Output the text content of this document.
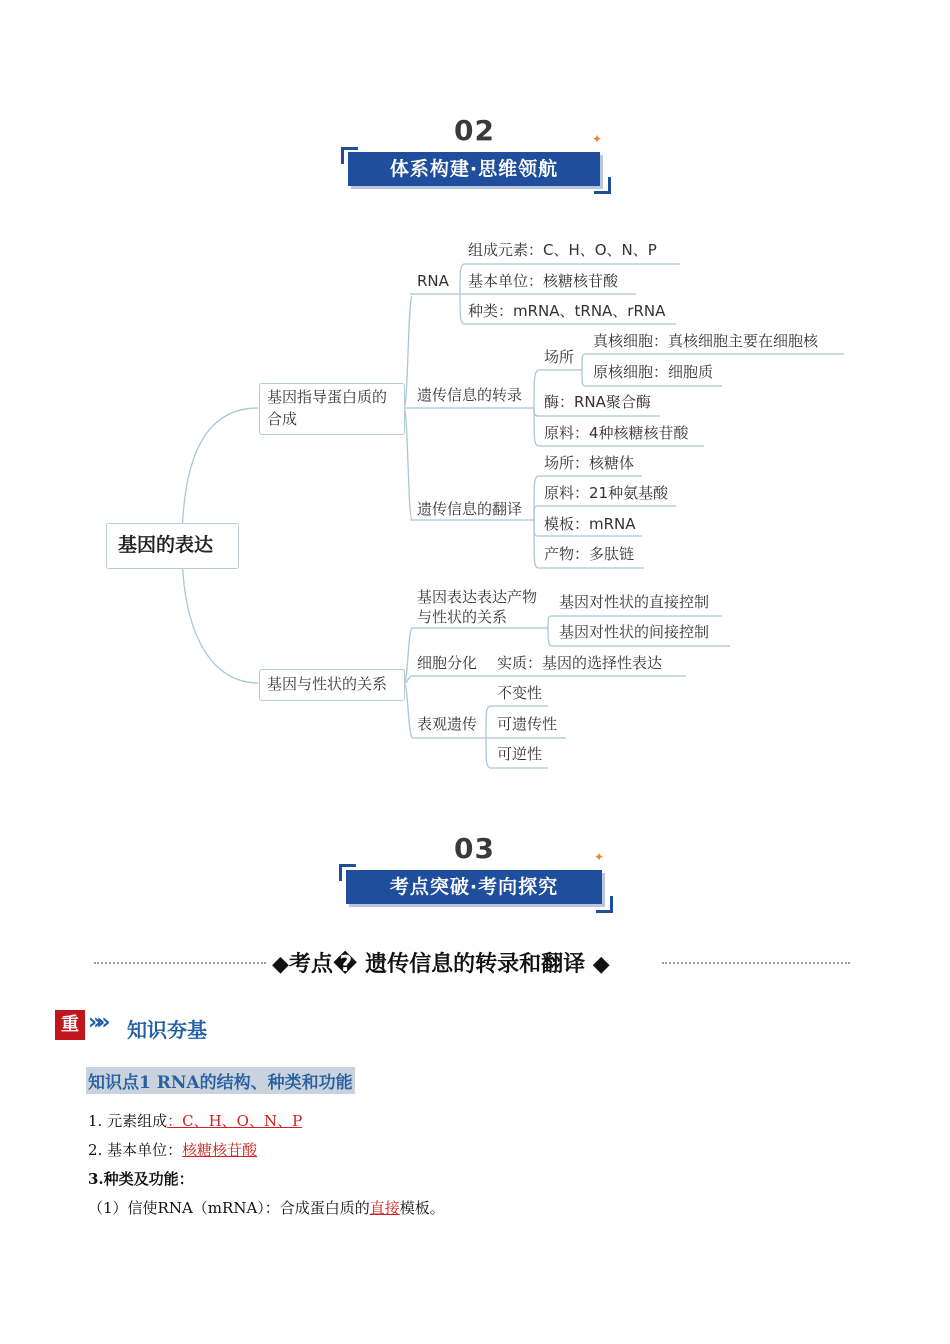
02	✦
体系构建·思维领航
基因的表达
基因指导蛋白质的
合成
RNA
组成元素：C、H、O、N、P
基本单位：核糖核苷酸
种类：mRNA、tRNA、rRNA
遗传信息的转录
场所
真核细胞：真核细胞主要在细胞核
原核细胞：细胞质
酶：RNA聚合酶
原料：4种核糖核苷酸
遗传信息的翻译
场所：核糖体
原料：21种氨基酸
模板：mRNA
产物：多肽链
基因与性状的关系
基因表达表达产物
与性状的关系
基因对性状的直接控制
基因对性状的间接控制
细胞分化 实质：基因的选择性表达
表观遗传
不变性
可遗传性
可逆性
03	✦
考点突破·考向探究
◆考点� 遗传信息的转录和翻译 ◆
重 »» 知识夯基
知识点1 RNA的结构、种类和功能
1. 元素组成：C、H、O、N、P
2. 基本单位：核糖核苷酸
3.种类及功能：
（1）信使RNA（mRNA）：合成蛋白质的直接模板。
